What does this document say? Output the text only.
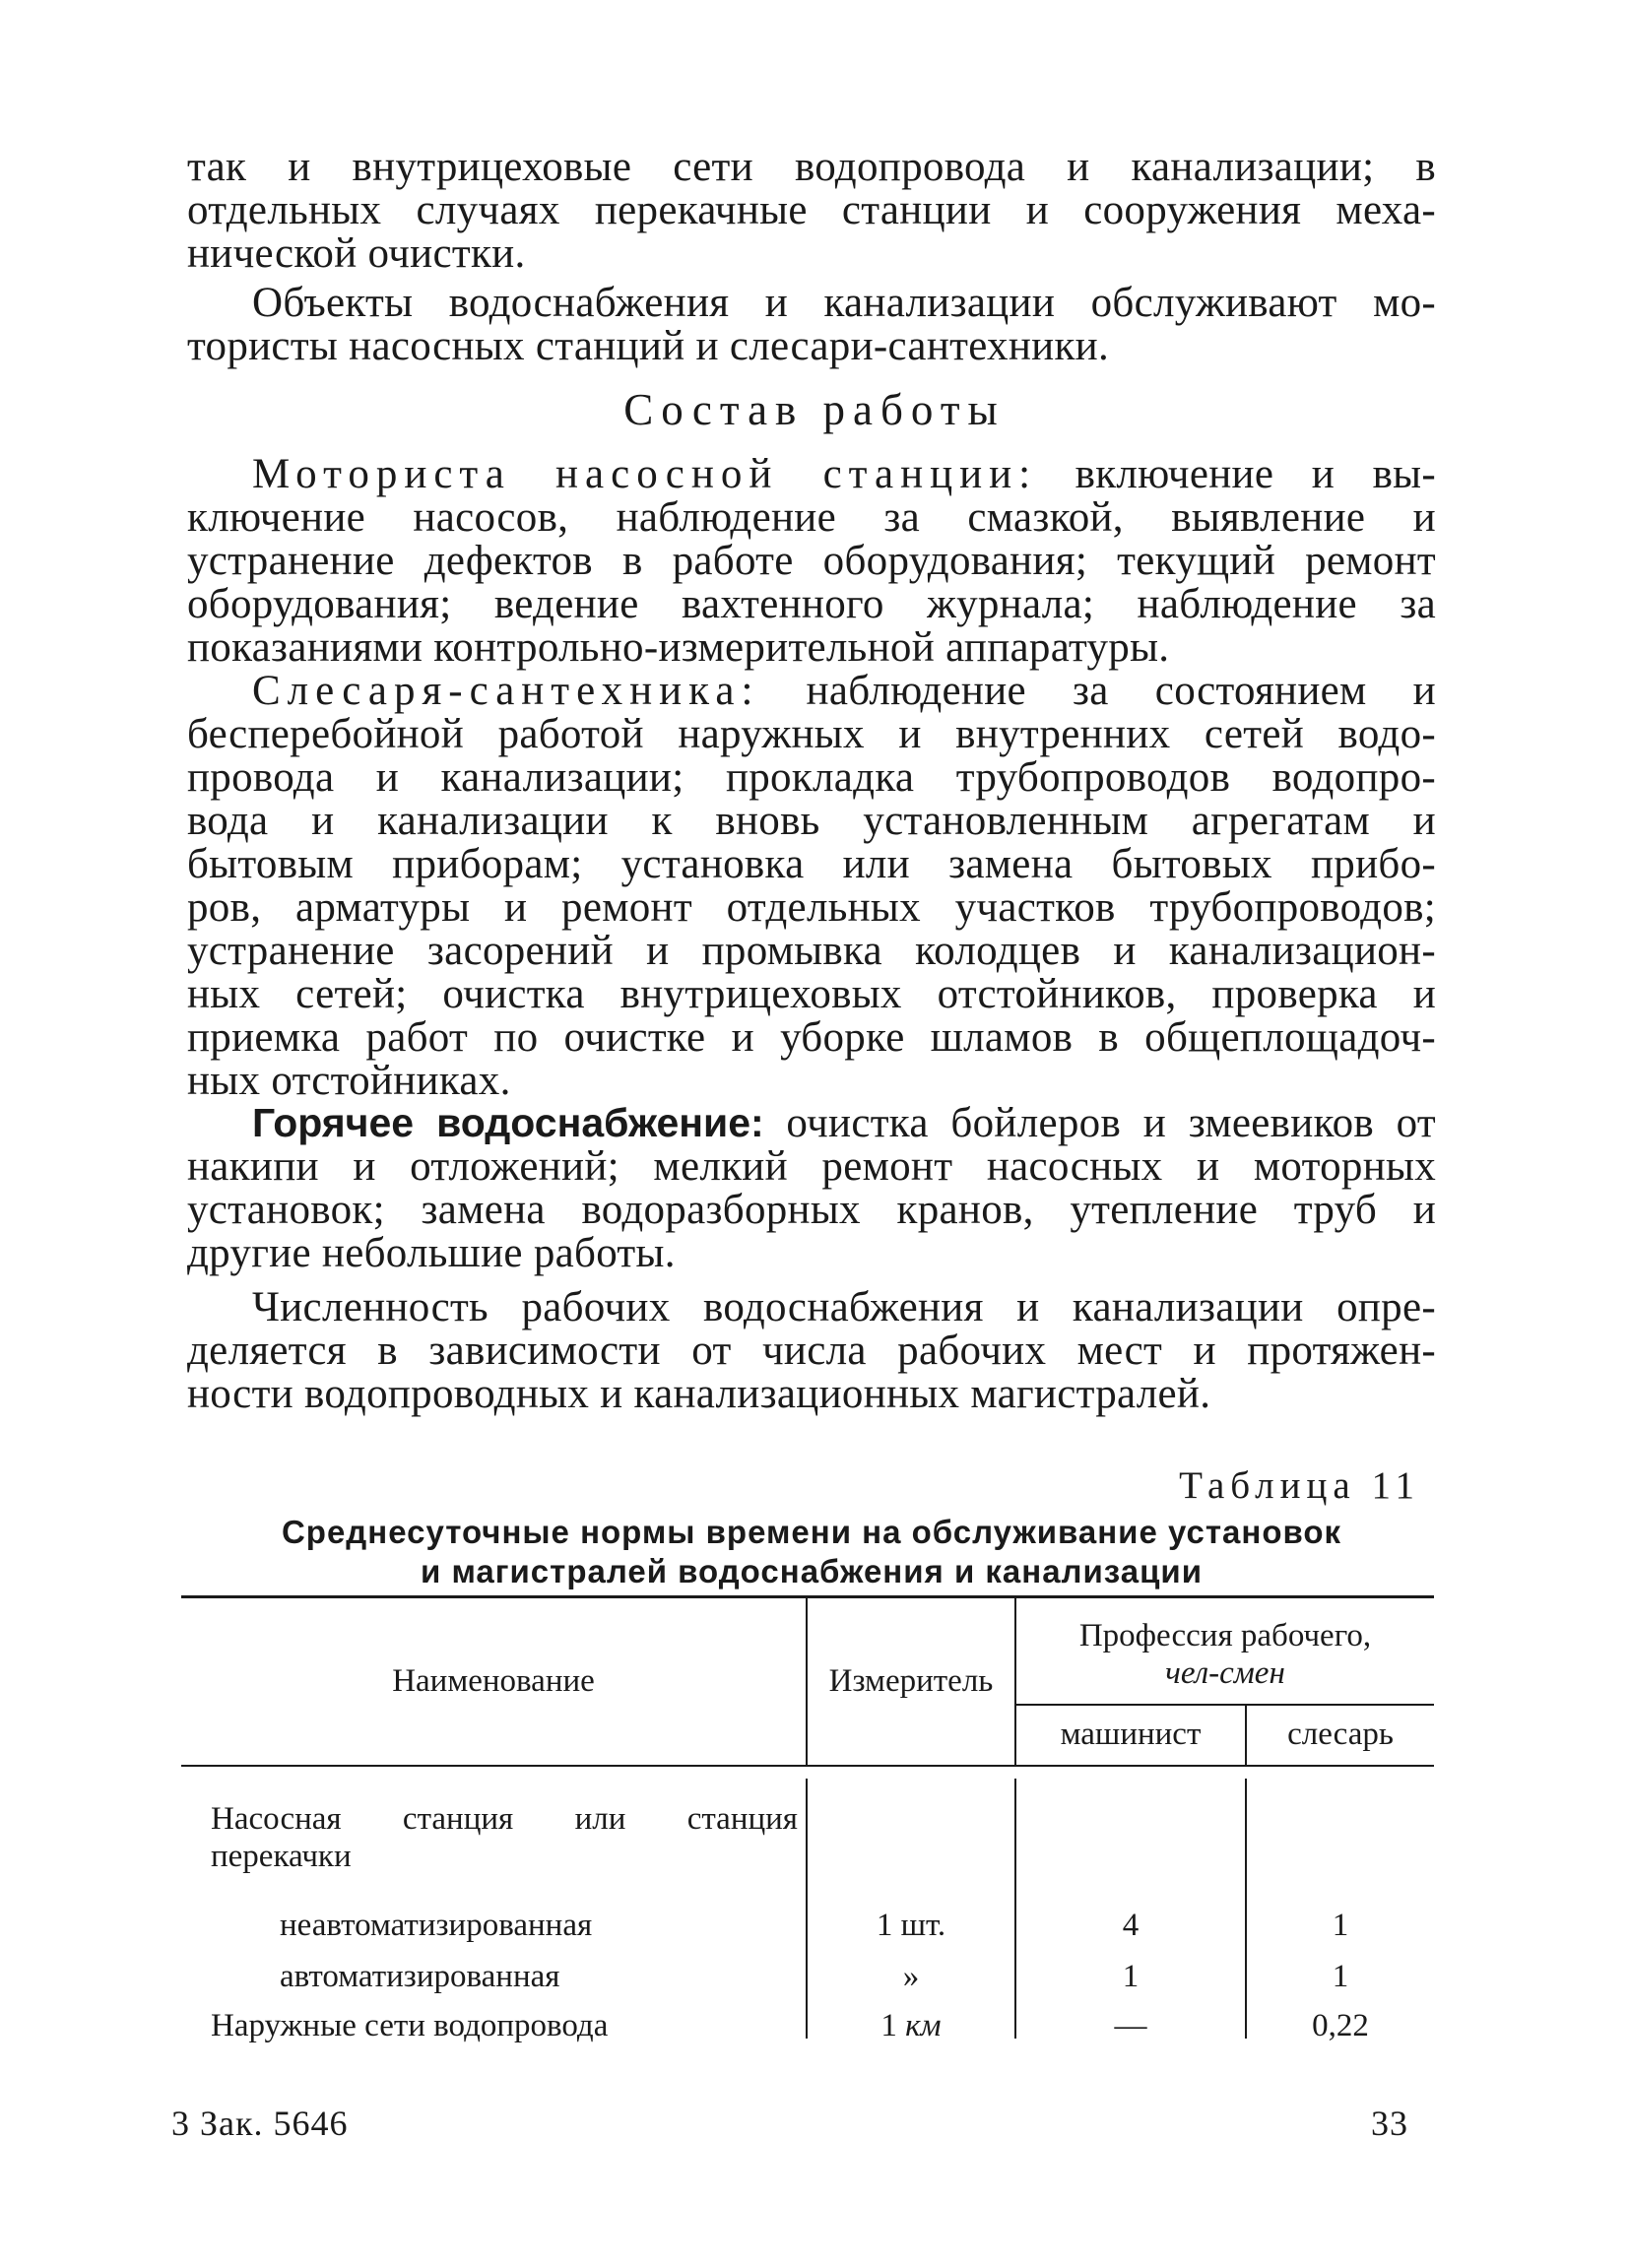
так и внутрицеховые сети водопровода и канализации; в
отдельных случаях перекачные станции и сооружения меха-
нической очистки.

Объекты водоснабжения и канализации обслуживают мо-
тористы насосных станций и слесари-сантехники.

Состав работы

Моториста насосной станции: включение и вы-
ключение насосов, наблюдение за смазкой, выявление и
устранение дефектов в работе оборудования; текущий ремонт
оборудования; ведение вахтенного журнала; наблюдение за
показаниями контрольно-измерительной аппаратуры.

Слесаря-сантехника: наблюдение за состоянием и
бесперебойной работой наружных и внутренних сетей водо-
провода и канализации; прокладка трубопроводов водопро-
вода и канализации к вновь установленным агрегатам и
бытовым приборам; установка или замена бытовых прибо-
ров, арматуры и ремонт отдельных участков трубопроводов;
устранение засорений и промывка колодцев и канализацион-
ных сетей; очистка внутрицеховых отстойников, проверка и
приемка работ по очистке и уборке шламов в общеплощадоч-
ных отстойниках.

Горячее водоснабжение: очистка бойлеров и змеевиков от
накипи и отложений; мелкий ремонт насосных и моторных
установок; замена водоразборных кранов, утепление труб и
другие небольшие работы.

Численность рабочих водоснабжения и канализации опре-
деляется в зависимости от числа рабочих мест и протяжен-
ности водопроводных и канализационных магистралей.

Таблица 11
Среднесуточные нормы времени на обслуживание установок
и магистралей водоснабжения и канализации
Наименование	Измеритель
Профессия рабочего,
чел-смен
машинист	слесарь
Насосная станция или станция
перекачки
неавтоматизированная	1 шт.	4	1
автоматизированная	»	1	1
Наружные сети водопровода	1 км	—	0,22
3 Зак. 5646	33
